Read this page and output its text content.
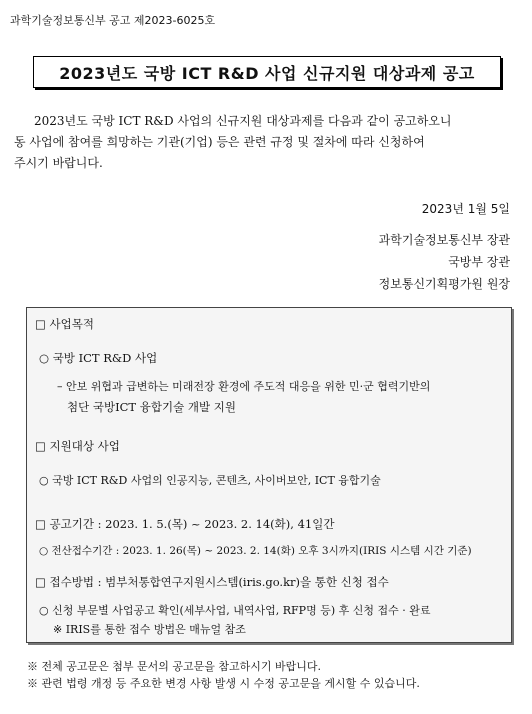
과학기술정보통신부 공고 제2023-6025호
2023년도 국방 ICT R&D 사업 신규지원 대상과제 공고
2023년도 국방 ICT R&D 사업의 신규지원 대상과제를 다음과 같이 공고하오니
동 사업에 참여를 희망하는 기관(기업) 등은 관련 규정 및 절차에 따라 신청하여
주시기 바랍니다.
2023년 1월 5일
과학기술정보통신부 장관
국방부 장관
정보통신기획평가원 원장
□ 사업목적
○ 국방 ICT R&D 사업
– 안보 위협과 급변하는 미래전장 환경에 주도적 대응을 위한 민·군 협력기반의
첨단 국방ICT 융합기술 개발 지원
□ 지원대상 사업
○ 국방 ICT R&D 사업의 인공지능, 콘텐츠, 사이버보안, ICT 융합기술
□ 공고기간 : 2023. 1. 5.(목) ~ 2023. 2. 14(화), 41일간
○ 전산접수기간 : 2023. 1. 26(목) ~ 2023. 2. 14(화) 오후 3시까지(IRIS 시스템 시간 기준)
□ 접수방법 : 범부처통합연구지원시스템(iris.go.kr)을 통한 신청 접수
○ 신청 부문별 사업공고 확인(세부사업, 내역사업, RFP명 등) 후 신청 접수 · 완료
※ IRIS를 통한 접수 방법은 매뉴얼 참조
※ 전체 공고문은 첨부 문서의 공고문을 참고하시기 바랍니다.
※ 관련 법령 개정 등 주요한 변경 사항 발생 시 수정 공고문을 게시할 수 있습니다.
